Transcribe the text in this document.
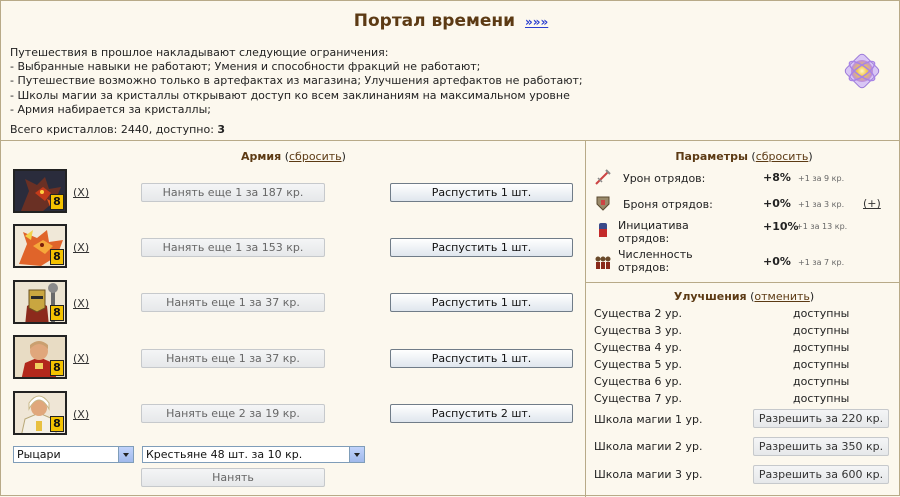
Портал времени »»»
Путешествия в прошлое накладывают следующие ограничения:
- Выбранные навыки не работают; Умения и способности фракций не работают;
- Путешествие возможно только в артефактах из магазина; Улучшения артефактов не работают;
- Школы магии за кристаллы открывают доступ ко всем заклинаниям на максимальном уровне
- Армия набирается за кристаллы;
Всего кристаллов: 2440, доступно: 3
Армия (сбросить)
8
(X)	Нанять еще 1 за 187 кр.	Распустить 1 шт.
8
(X)	Нанять еще 1 за 153 кр.	Распустить 1 шт.
8
(X)	Нанять еще 1 за 37 кр.	Распустить 1 шт.
8
(X)	Нанять еще 1 за 37 кр.	Распустить 1 шт.
8
(X)	Нанять еще 2 за 19 кр.	Распустить 2 шт.
Рыцари	Крестьяне 48 шт. за 10 кр.
Нанять
Параметры (сбросить)
Урон отрядов:	+8% +1 за 9 кр.
Броня отрядов:	+0% +1 за 3 кр. (+)
Инициатива отрядов:
+10%
+1 за 13 кр.
Численность отрядов:	+0% +1 за 7 кр.
Улучшения (отменить)
Существа 2 ур.	доступны
Существа 3 ур.	доступны
Существа 4 ур.	доступны
Существа 5 ур.	доступны
Существа 6 ур.	доступны
Существа 7 ур.	доступны
Школа магии 1 ур.	Разрешить за 220 кр.
Школа магии 2 ур.	Разрешить за 350 кр.
Школа магии 3 ур.	Разрешить за 600 кр.
